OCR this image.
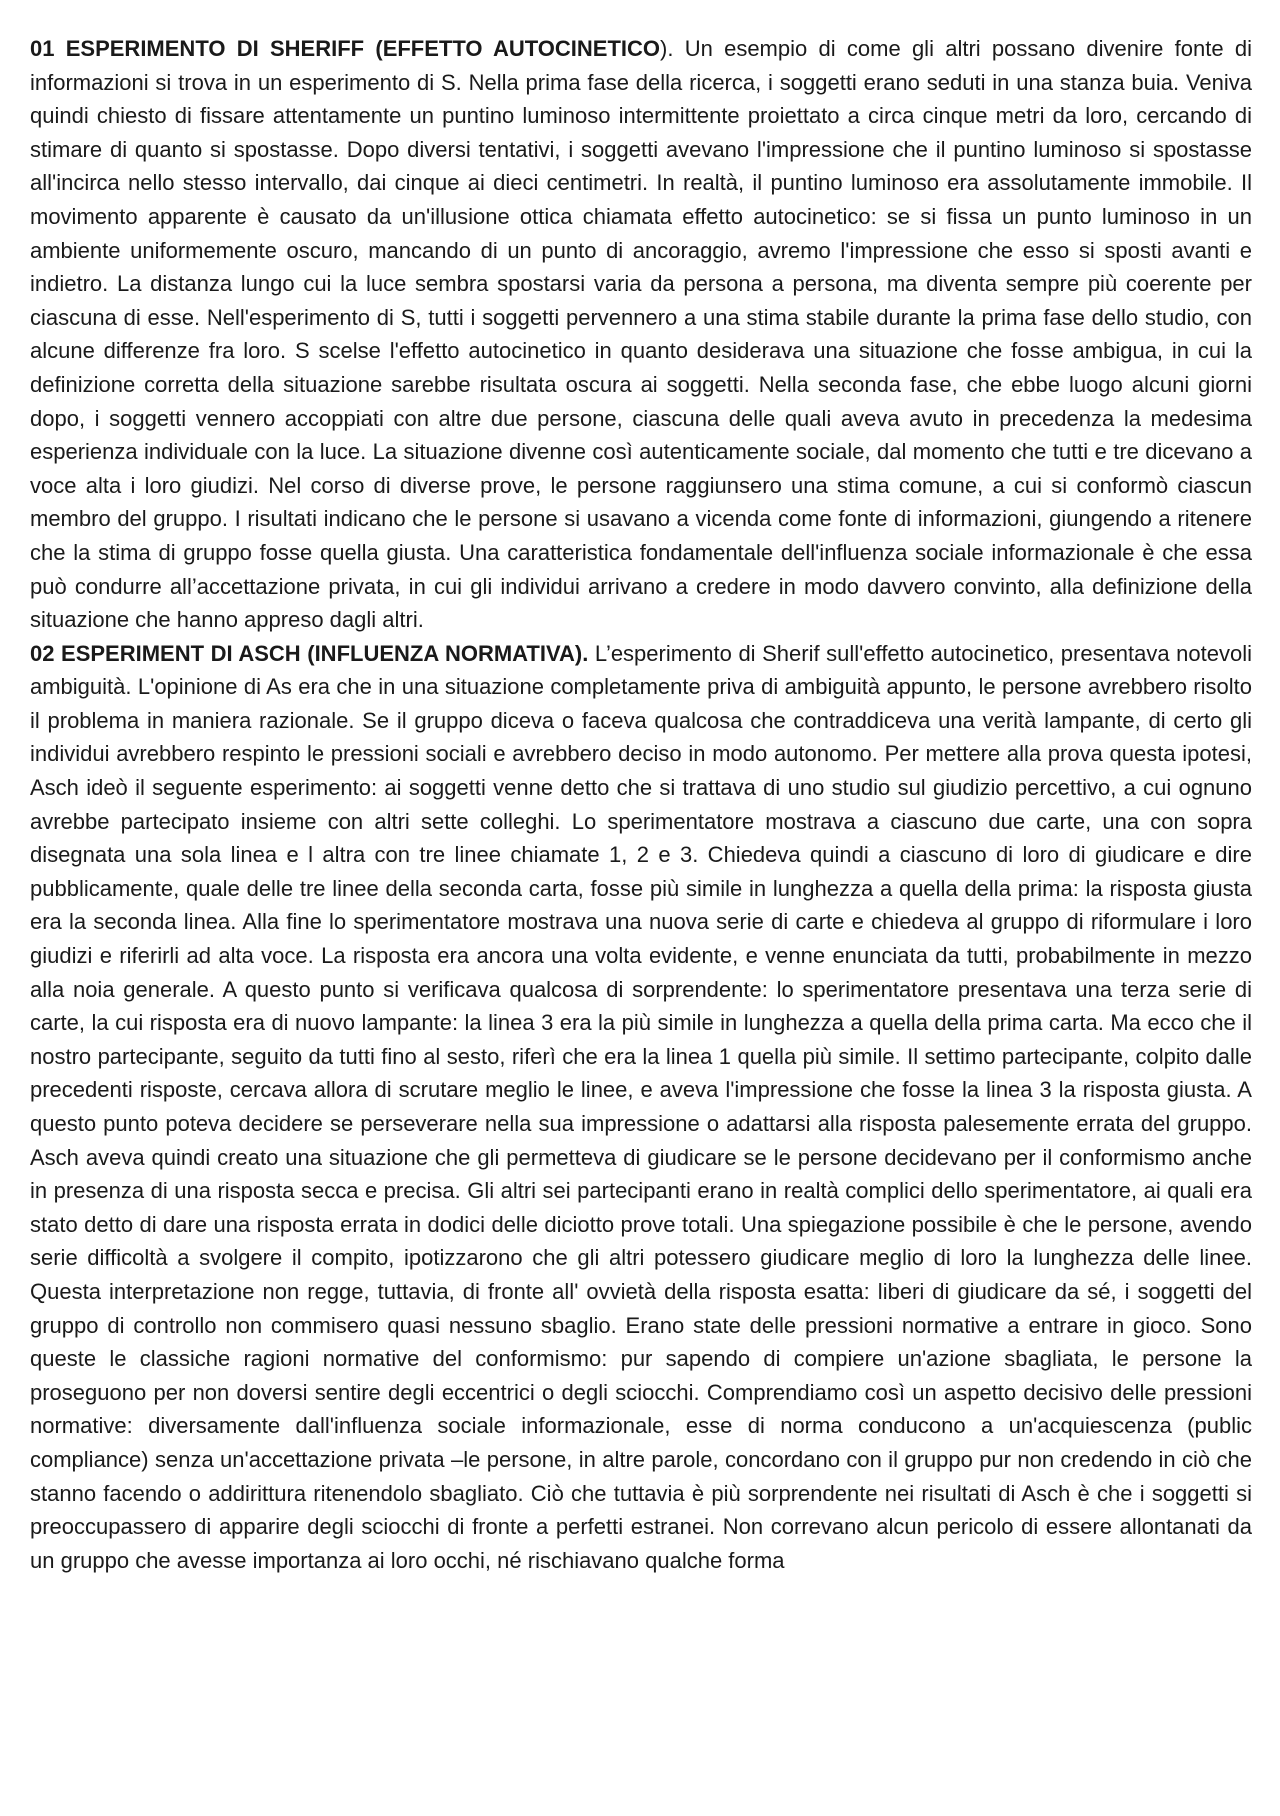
01 ESPERIMENTO DI SHERIFF (EFFETTO AUTOCINETICO). Un esempio di come gli altri possano divenire fonte di informazioni si trova in un esperimento di S. Nella prima fase della ricerca, i soggetti erano seduti in una stanza buia. Veniva quindi chiesto di fissare attentamente un puntino luminoso intermittente proiettato a circa cinque metri da loro, cercando di stimare di quanto si spostasse. Dopo diversi tentativi, i soggetti avevano l'impressione che il puntino luminoso si spostasse all'incirca nello stesso intervallo, dai cinque ai dieci centimetri. In realtà, il puntino luminoso era assolutamente immobile. Il movimento apparente è causato da un'illusione ottica chiamata effetto autocinetico: se si fissa un punto luminoso in un ambiente uniformemente oscuro, mancando di un punto di ancoraggio, avremo l'impressione che esso si sposti avanti e indietro. La distanza lungo cui la luce sembra spostarsi varia da persona a persona, ma diventa sempre più coerente per ciascuna di esse. Nell'esperimento di S, tutti i soggetti pervennero a una stima stabile durante la prima fase dello studio, con alcune differenze fra loro. S scelse l'effetto autocinetico in quanto desiderava una situazione che fosse ambigua, in cui la definizione corretta della situazione sarebbe risultata oscura ai soggetti. Nella seconda fase, che ebbe luogo alcuni giorni dopo, i soggetti vennero accoppiati con altre due persone, ciascuna delle quali aveva avuto in precedenza la medesima esperienza individuale con la luce. La situazione divenne così autenticamente sociale, dal momento che tutti e tre dicevano a voce alta i loro giudizi. Nel corso di diverse prove, le persone raggiunsero una stima comune, a cui si conformò ciascun membro del gruppo. I risultati indicano che le persone si usavano a vicenda come fonte di informazioni, giungendo a ritenere che la stima di gruppo fosse quella giusta. Una caratteristica fondamentale dell'influenza sociale informazionale è che essa può condurre all’accettazione privata, in cui gli individui arrivano a credere in modo davvero convinto, alla definizione della situazione che hanno appreso dagli altri.

02 ESPERIMENT DI ASCH (INFLUENZA NORMATIVA). L’esperimento di Sherif sull'effetto autocinetico, presentava notevoli ambiguità. L'opinione di As era che in una situazione completamente priva di ambiguità appunto, le persone avrebbero risolto il problema in maniera razionale. Se il gruppo diceva o faceva qualcosa che contraddiceva una verità lampante, di certo gli individui avrebbero respinto le pressioni sociali e avrebbero deciso in modo autonomo. Per mettere alla prova questa ipotesi, Asch ideò il seguente esperimento: ai soggetti venne detto che si trattava di uno studio sul giudizio percettivo, a cui ognuno avrebbe partecipato insieme con altri sette colleghi. Lo sperimentatore mostrava a ciascuno due carte, una con sopra disegnata una sola linea e l altra con tre linee chiamate 1, 2 e 3. Chiedeva quindi a ciascuno di loro di giudicare e dire pubblicamente, quale delle tre linee della seconda carta, fosse più simile in lunghezza a quella della prima: la risposta giusta era la seconda linea. Alla fine lo sperimentatore mostrava una nuova serie di carte e chiedeva al gruppo di riformulare i loro giudizi e riferirli ad alta voce. La risposta era ancora una volta evidente, e venne enunciata da tutti, probabilmente in mezzo alla noia generale. A questo punto si verificava qualcosa di sorprendente: lo sperimentatore presentava una terza serie di carte, la cui risposta era di nuovo lampante: la linea 3 era la più simile in lunghezza a quella della prima carta. Ma ecco che il nostro partecipante, seguito da tutti fino al sesto, riferì che era la linea 1 quella più simile. Il settimo partecipante, colpito dalle precedenti risposte, cercava allora di scrutare meglio le linee, e aveva l'impressione che fosse la linea 3 la risposta giusta. A questo punto poteva decidere se perseverare nella sua impressione o adattarsi alla risposta palesemente errata del gruppo. Asch aveva quindi creato una situazione che gli permetteva di giudicare se le persone decidevano per il conformismo anche in presenza di una risposta secca e precisa. Gli altri sei partecipanti erano in realtà complici dello sperimentatore, ai quali era stato detto di dare una risposta errata in dodici delle diciotto prove totali. Una spiegazione possibile è che le persone, avendo serie difficoltà a svolgere il compito, ipotizzarono che gli altri potessero giudicare meglio di loro la lunghezza delle linee. Questa interpretazione non regge, tuttavia, di fronte all' ovvietà della risposta esatta: liberi di giudicare da sé, i soggetti del gruppo di controllo non commisero quasi nessuno sbaglio. Erano state delle pressioni normative a entrare in gioco. Sono queste le classiche ragioni normative del conformismo: pur sapendo di compiere un'azione sbagliata, le persone la proseguono per non doversi sentire degli eccentrici o degli sciocchi. Comprendiamo così un aspetto decisivo delle pressioni normative: diversamente dall'influenza sociale informazionale, esse di norma conducono a un'acquiescenza (public compliance) senza un'accettazione privata –le persone, in altre parole, concordano con il gruppo pur non credendo in ciò che stanno facendo o addirittura ritenendolo sbagliato. Ciò che tuttavia è più sorprendente nei risultati di Asch è che i soggetti si preoccupassero di apparire degli sciocchi di fronte a perfetti estranei. Non correvano alcun pericolo di essere allontanati da un gruppo che avesse importanza ai loro occhi, né rischiavano qualche forma
